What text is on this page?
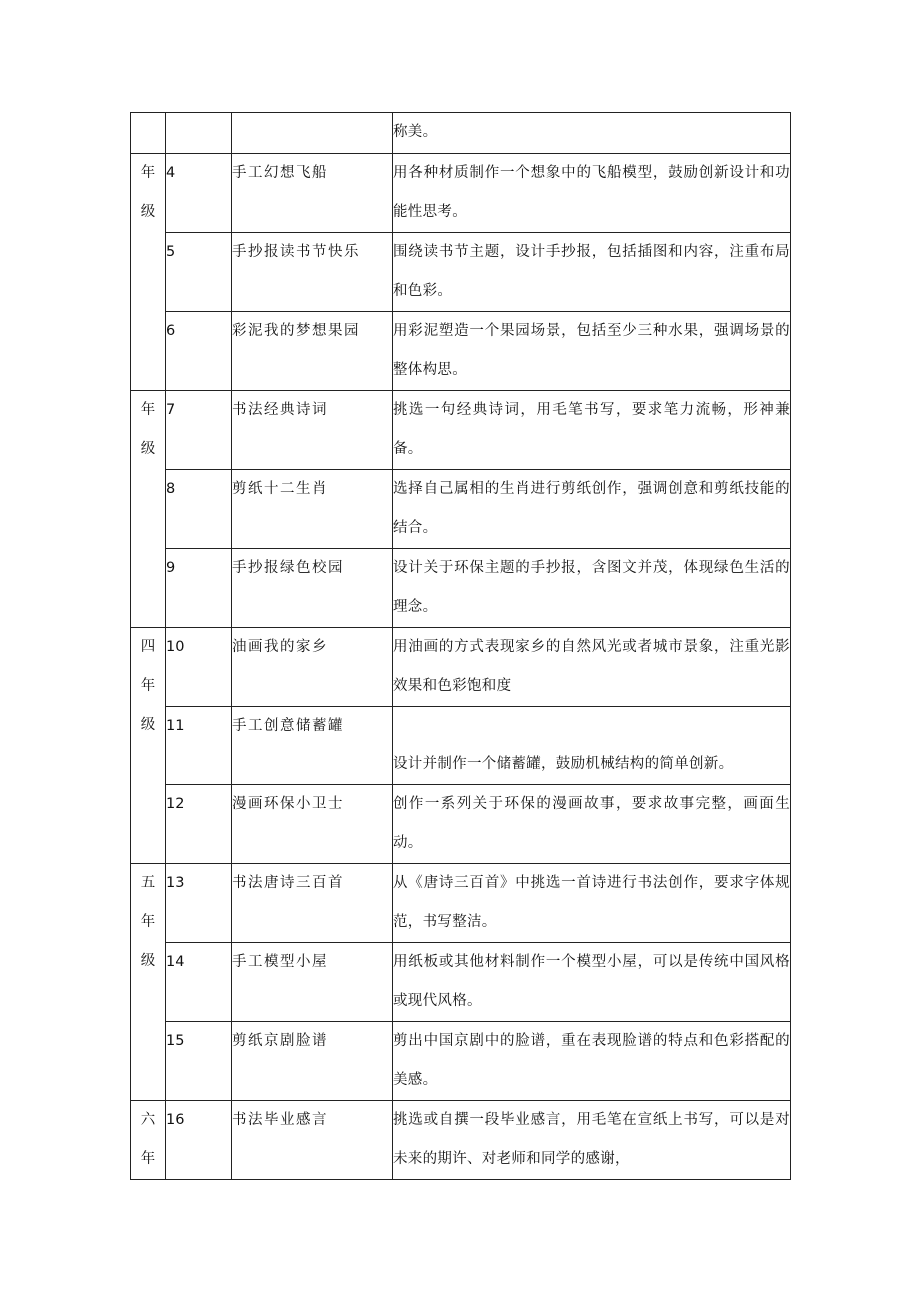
			称美。

年
级	4	手工幻想飞船	用各种材质制作一个想象中的飞船模型，鼓励创新设计和功能性思考。
	5	手抄报读书节快乐	围绕读书节主题，设计手抄报，包括插图和内容，注重布局和色彩。
	6	彩泥我的梦想果园	用彩泥塑造一个果园场景，包括至少三种水果，强调场景的整体构思。

年
级	7	书法经典诗词	挑选一句经典诗词，用毛笔书写，要求笔力流畅，形神兼备。
	8	剪纸十二生肖	选择自己属相的生肖进行剪纸创作，强调创意和剪纸技能的结合。
	9	手抄报绿色校园	设计关于环保主题的手抄报，含图文并茂，体现绿色生活的理念。

四
年
级	10	油画我的家乡	用油画的方式表现家乡的自然风光或者城市景象，注重光影效果和色彩饱和度
	11	手工创意储蓄罐	设计并制作一个储蓄罐，鼓励机械结构的简单创新。
	12	漫画环保小卫士	创作一系列关于环保的漫画故事，要求故事完整，画面生动。

五
年
级	13	书法唐诗三百首	从《唐诗三百首》中挑选一首诗进行书法创作，要求字体规范，书写整洁。
	14	手工模型小屋	用纸板或其他材料制作一个模型小屋，可以是传统中国风格或现代风格。
	15	剪纸京剧脸谱	剪出中国京剧中的脸谱，重在表现脸谱的特点和色彩搭配的美感。

六
年	16	书法毕业感言	挑选或自撰一段毕业感言，用毛笔在宣纸上书写，可以是对未来的期许、对老师和同学的感谢，
